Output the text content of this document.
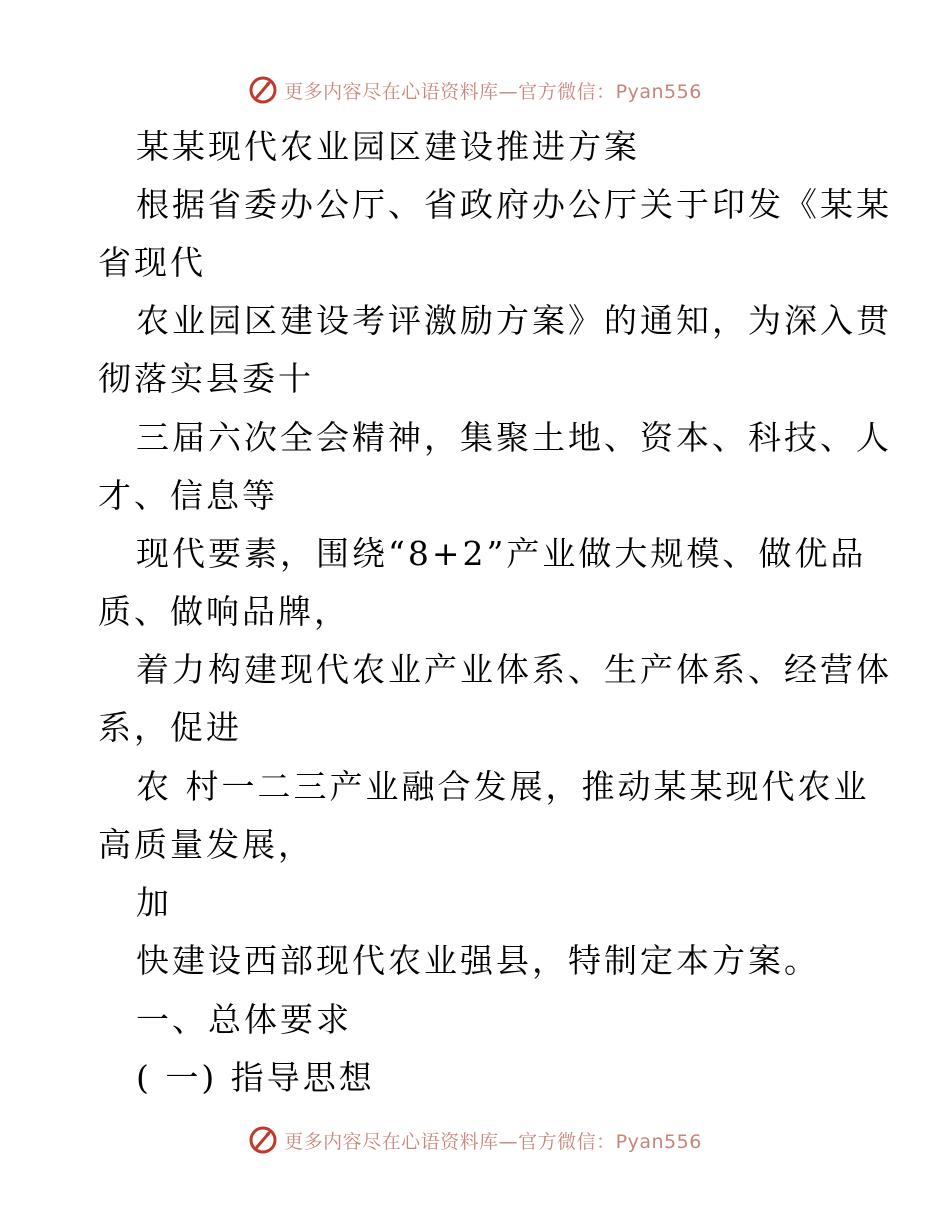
更多内容尽在心语资料库—官方微信：Pyan556
某某现代农业园区建设推进方案
根据省委办公厅、省政府办公厅关于印发《某某
省现代
农业园区建设考评激励方案》的通知，为深入贯
彻落实县委十
三届六次全会精神，集聚土地、资本、科技、人
才、信息等
现代要素，围绕“8+2”产业做大规模、做优品
质、做响品牌，
着力构建现代农业产业体系、生产体系、经营体
系，促进
农 村一二三产业融合发展，推动某某现代农业
高质量发展，
加
快建设西部现代农业强县，特制定本方案。
一、总体要求
( 一) 指导思想
更多内容尽在心语资料库—官方微信：Pyan556
